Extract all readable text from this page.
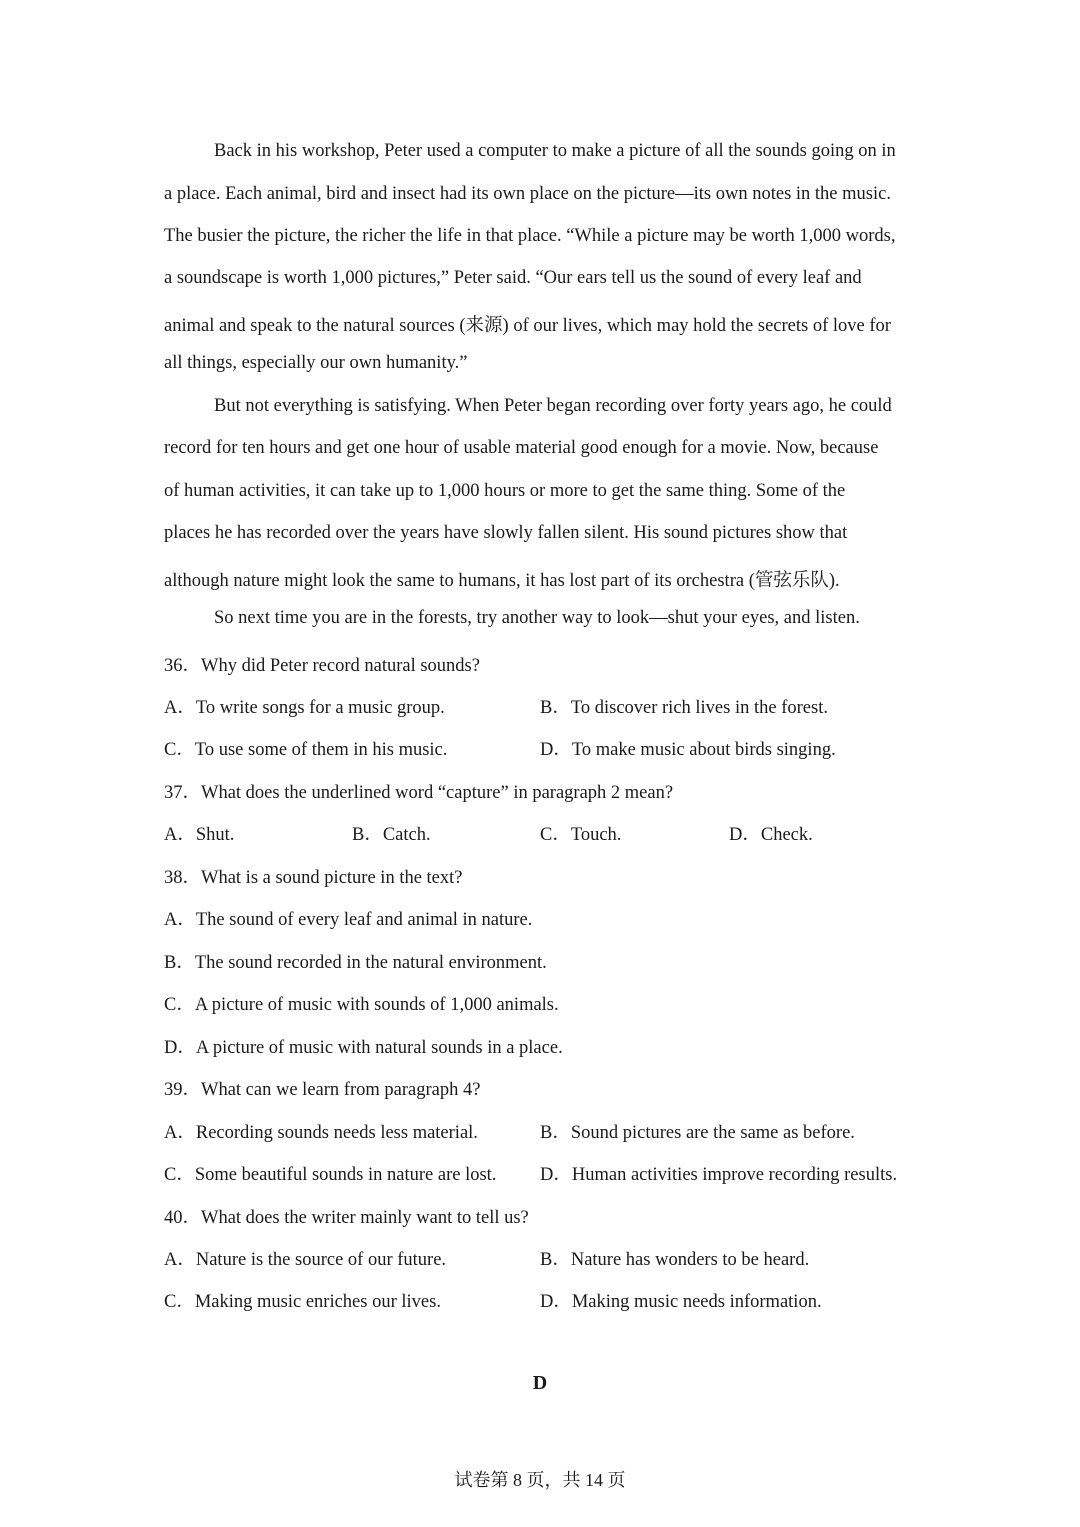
Back in his workshop, Peter used a computer to make a picture of all the sounds going on in
a place. Each animal, bird and insect had its own place on the picture—its own notes in the music.
The busier the picture, the richer the life in that place. “While a picture may be worth 1,000 words,
a soundscape is worth 1,000 pictures,” Peter said. “Our ears tell us the sound of every leaf and
animal and speak to the natural sources (来源) of our lives, which may hold the secrets of love for
all things, especially our own humanity.”
But not everything is satisfying. When Peter began recording over forty years ago, he could
record for ten hours and get one hour of usable material good enough for a movie. Now, because
of human activities, it can take up to 1,000 hours or more to get the same thing. Some of the
places he has recorded over the years have slowly fallen silent. His sound pictures show that
although nature might look the same to humans, it has lost part of its orchestra (管弦乐队).
So next time you are in the forests, try another way to look—shut your eyes, and listen.
36．Why did Peter record natural sounds?
A．To write songs for a music group.	B．To discover rich lives in the forest.
C．To use some of them in his music.	D．To make music about birds singing.
37．What does the underlined word “capture” in paragraph 2 mean?
A．Shut.	B．Catch.	C．Touch.	D．Check.
38．What is a sound picture in the text?
A．The sound of every leaf and animal in nature.
B．The sound recorded in the natural environment.
C．A picture of music with sounds of 1,000 animals.
D．A picture of music with natural sounds in a place.
39．What can we learn from paragraph 4?
A．Recording sounds needs less material.	B．Sound pictures are the same as before.
C．Some beautiful sounds in nature are lost. D．Human activities improve recording results.
40．What does the writer mainly want to tell us?
A．Nature is the source of our future.	B．Nature has wonders to be heard.
C．Making music enriches our lives.	D．Making music needs information.
D
试卷第 8 页，共 14 页
